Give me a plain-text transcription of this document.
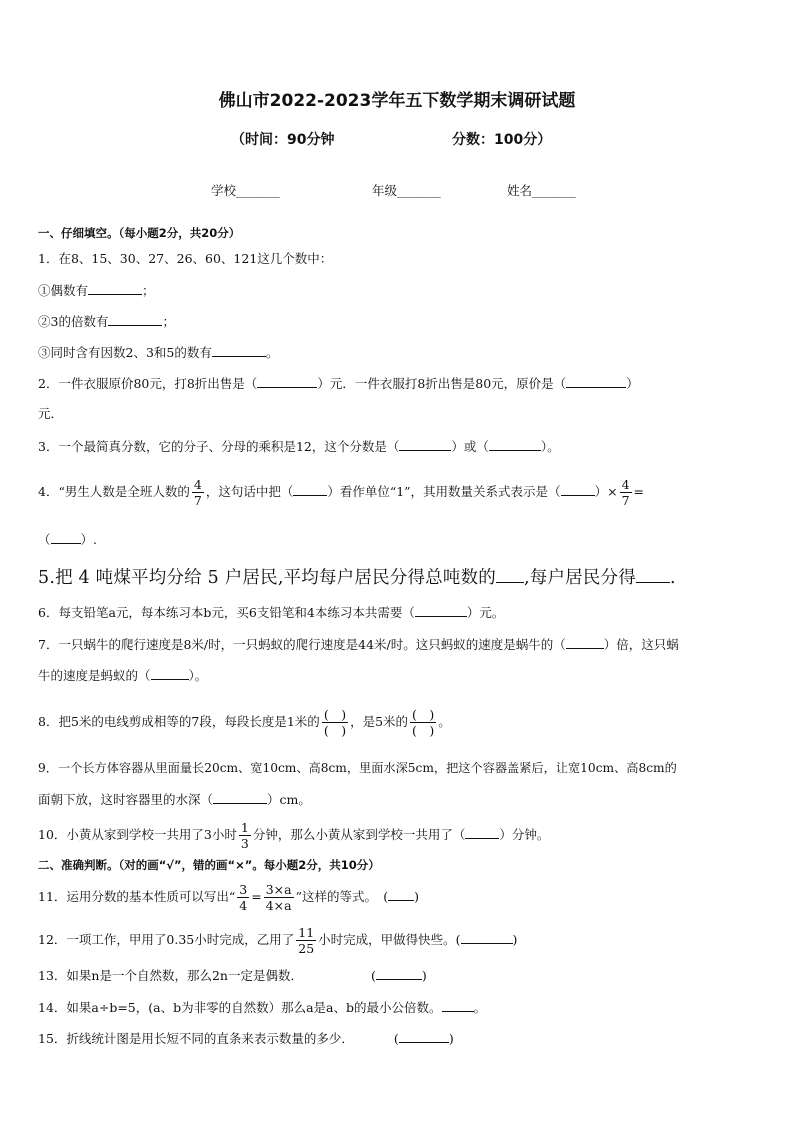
佛山市2022-2023学年五下数学期末调研试题
（时间：90分钟	分数：100分）
学校_______	年级_______	姓名_______
一、仔细填空。（每小题2分，共20分）
1．在8、15、30、27、26、60、121这几个数中：
①偶数有	；
②3的倍数有	；
③同时含有因数2、3和5的数有	。
2．一件衣服原价80元，打8折出售是（	）元．一件衣服打8折出售是80元，原价是（	）
元．
3．一个最简真分数，它的分子、分母的乘积是12，这个分数是（	）或（	）。
4．“男生人数是全班人数的 $\frac{4}{7}$ ，这句话中把（	）看作单位“1”，其用数量关系式表示是（	）× $\frac{4}{7}$ =
（ ）.
5.把 4 吨煤平均分给 5 户居民,平均每户居民分得总吨数的 ,每户居民分得 .
6．每支铅笔a元，每本练习本b元，买6支铅笔和4本练习本共需要（	）元。
7．一只蜗牛的爬行速度是8米/时，一只蚂蚁的爬行速度是44米/时。这只蚂蚁的速度是蜗牛的（	）倍，这只蜗
牛的速度是蚂蚁的（	）。
8．把5米的电线剪成相等的7段，每段长度是1米的 $\frac{( )}{( )}$ ，是5米的 $\frac{( )}{( )}$ 。
9．一个长方体容器从里面量长20cm、宽10cm、高8cm，里面水深5cm，把这个容器盖紧后，让宽10cm、高8cm的
面朝下放，这时容器里的水深（	）cm。
10．小黄从家到学校一共用了3小时 $\frac{1}{3}$ 分钟，那么小黄从家到学校一共用了（	）分钟。
二、准确判断。（对的画“√”，错的画“×”。每小题2分，共10分）
11．运用分数的基本性质可以写出“ $\frac{3}{4} = \frac{3\times a}{4\times a}$ ”这样的等式。　( )
12．一项工作，甲用了0.35小时完成，乙用了 $\frac{11}{25}$ 小时完成，甲做得快些。(	)
13．如果n是一个自然数，那么2n一定是偶数．	(	)
14．如果a÷b=5，(a、b为非零的自然数）那么a是a、b的最小公倍数。	。
15．折线统计图是用长短不同的直条来表示数量的多少．	(	)
